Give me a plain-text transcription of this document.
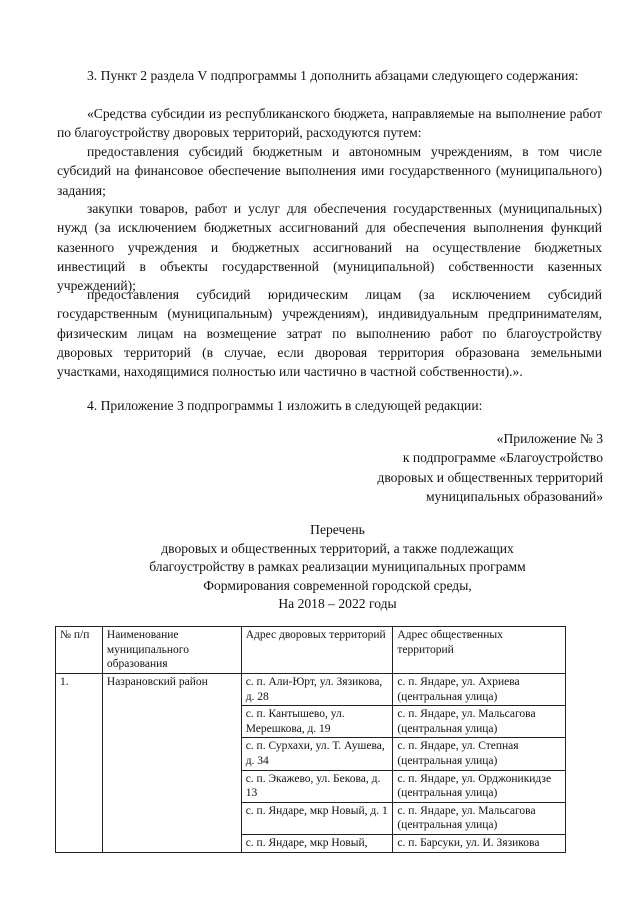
3. Пункт 2 раздела V подпрограммы 1 дополнить абзацами следующего содержания:

«Средства субсидии из республиканского бюджета, направляемые на выполнение работ по благоустройству дворовых территорий, расходуются путем:

предоставления субсидий бюджетным и автономным учреждениям, в том числе субсидий на финансовое обеспечение выполнения ими государственного (муниципального) задания;

закупки товаров, работ и услуг для обеспечения государственных (муниципальных) нужд (за исключением бюджетных ассигнований для обеспечения выполнения функций казенного учреждения и бюджетных ассигнований на осуществление бюджетных инвестиций в объекты государственной (муниципальной) собственности казенных учреждений);

предоставления субсидий юридическим лицам (за исключением субсидий государственным (муниципальным) учреждениям), индивидуальным предпринимателям, физическим лицам на возмещение затрат по выполнению работ по благоустройству дворовых территорий (в случае, если дворовая территория образована земельными участками, находящимися полностью или частично в частной собственности).».

4. Приложение 3 подпрограммы 1 изложить в следующей редакции:

«Приложение № 3
к подпрограмме «Благоустройство
дворовых и общественных территорий
муниципальных образований»
Перечень
дворовых и общественных территорий, а также подлежащих
благоустройству в рамках реализации муниципальных программ
Формирования современной городской среды,
На 2018 – 2022 годы
№ п/п	Наименование муниципального образования	Адрес дворовых территорий	Адрес общественных территорий
1.	Назрановский район	с. п. Али-Юрт, ул. Зязикова, д. 28	с. п. Яндаре, ул. Ахриева (центральная улица)
		с. п. Кантышево, ул. Мерешкова, д. 19	с. п. Яндаре, ул. Мальсагова (центральная улица)
		с. п. Сурхахи, ул. Т. Аушева, д. 34	с. п. Яндаре, ул. Степная (центральная улица)
		с. п. Экажево, ул. Бекова, д. 13	с. п. Яндаре, ул. Орджоникидзе (центральная улица)
		с. п. Яндаре, мкр Новый, д. 1	с. п. Яндаре, ул. Мальсагова (центральная улица)
		с. п. Яндаре, мкр Новый,	с. п. Барсуки, ул. И. Зязикова
